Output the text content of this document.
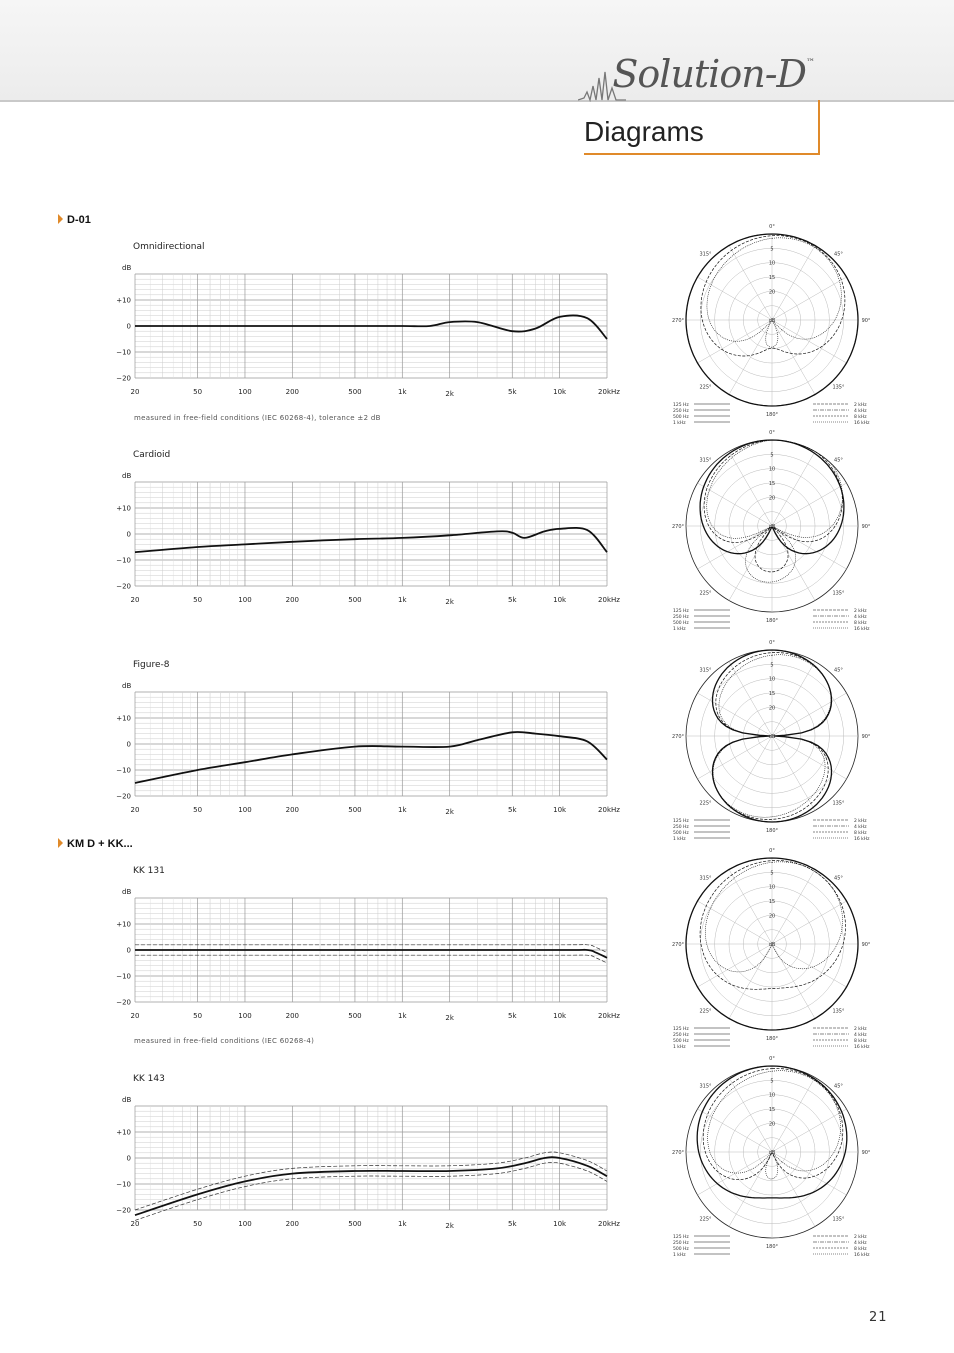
Solution-D™
Diagrams
D-01
KM D + KK...
Omnidirectional
dB
+10
0
−10
−20
20	50	100	200	500	1k	2k	5k	10k	20kHz
measured in free-field conditions (IEC 60268-4), tolerance ±2 dB
Cardioid
dB
+10
0
−10
−20
20	50	100	200	500	1k	2k	5k	10k	20kHz
Figure-8
dB
+10
0
−10
−20
20	50	100	200	500	1k	2k	5k	10k	20kHz
KK 131
dB
+10
0
−10
−20
20	50	100	200	500	1k	2k	5k	10k	20kHz
measured in free-field conditions (IEC 60268-4)
KK 143
dB
+10
0
−10
−20
20	50	100	200	500	1k	2k	5k	10k	20kHz
5
10
15
20
dB
0°
45°
90°
135°
180°
225°
270°
315°
125 Hz
250 Hz
500 Hz
1 kHz
2 kHz
4 kHz
8 kHz
16 kHz
5
10
15
20
dB
0°
45°
90°
135°
180°
225°
270°
315°
125 Hz
250 Hz
500 Hz
1 kHz
2 kHz
4 kHz
8 kHz
16 kHz
5
10
15
20
dB
0°
45°
90°
135°
180°
225°
270°
315°
125 Hz
250 Hz
500 Hz
1 kHz
2 kHz
4 kHz
8 kHz
16 kHz
5
10
15
20
dB
0°
45°
90°
135°
180°
225°
270°
315°
125 Hz
250 Hz
500 Hz
1 kHz
2 kHz
4 kHz
8 kHz
16 kHz
5
10
15
20
dB
0°
45°
90°
135°
180°
225°
270°
315°
125 Hz
250 Hz
500 Hz
1 kHz
2 kHz
4 kHz
8 kHz
16 kHz
21
